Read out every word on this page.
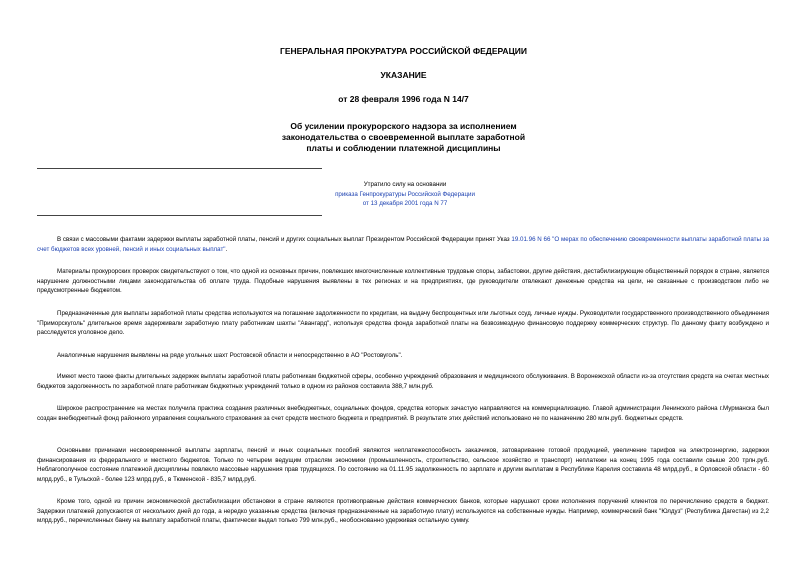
ГЕНЕРАЛЬНАЯ ПРОКУРАТУРА РОССИЙСКОЙ ФЕДЕРАЦИИ
УКАЗАНИЕ
от 28 февраля 1996 года N 14/7
Об усилении прокурорского надзора за исполнением
законодательства о своевременной выплате заработной
платы и соблюдении платежной дисциплины
Утратило силу на основании
приказа Генпрокуратуры Российской Федерации
от 13 декабря 2001 года N 77

В связи с массовыми фактами задержки выплаты заработной платы, пенсий и других социальных выплат Президентом Российской Федерации принят Указ 19.01.96 N 66 "О мерах по обеспечению своевременности выплаты заработной платы за счет бюджетов всех уровней, пенсий и иных социальных выплат".

Материалы прокурорских проверок свидетельствуют о том, что одной из основных причин, повлекших многочисленные коллективные трудовые споры, забастовки, другие действия, дестабилизирующие общественный порядок в стране, является нарушение должностными лицами законодательства об оплате труда. Подобные нарушения выявлены в тех регионах и на предприятиях, где руководители отвлекают денежные средства на цели, не связанные с производством либо не предусмотренные бюджетом.

Предназначенные для выплаты заработной платы средства используются на погашение задолженности по кредитам, на выдачу беспроцентных или льготных ссуд, личные нужды. Руководители государственного производственного объединения "Приморскуголь" длительное время задерживали заработную плату работникам шахты "Авангард", используя средства фонда заработной платы на безвозмездную финансовую поддержку коммерческих структур. По данному факту возбуждено и расследуется уголовное дело.

Аналогичные нарушения выявлены на ряде угольных шахт Ростовской области и непосредственно в АО "Ростовуголь".

Имеют место также факты длительных задержек выплаты заработной платы работникам бюджетной сферы, особенно учреждений образования и медицинского обслуживания. В Воронежской области из-за отсутствия средств на счетах местных бюджетов задолженность по заработной плате работникам бюджетных учреждений только в одном из районов составила 388,7 млн.руб.

Широкое распространение на местах получила практика создания различных внебюджетных, социальных фондов, средства которых зачастую направляются на коммерциализацию. Главой администрации Ленинского района г.Мурманска был создан внебюджетный фонд районного управления социального страхования за счет средств местного бюджета и предприятий. В результате этих действий использовано не по назначению 280 млн.руб. бюджетных средств.

Основными причинами несвоевременной выплаты зарплаты, пенсий и иных социальных пособий являются неплатежеспособность заказчиков, затоваривание готовой продукцией, увеличение тарифов на электроэнергию, задержки финансирования из федерального и местного бюджетов. Только по четырем ведущим отраслям экономики (промышленность, строительство, сельское хозяйство и транспорт) неплатежи на конец 1995 года составили свыше 200 трлн.руб. Неблагополучное состояние платежной дисциплины повлекло массовые нарушения прав трудящихся. По состоянию на 01.11.95 задолженность по зарплате и другим выплатам в Республике Карелия составила 48 млрд.руб., в Орловской области - 60 млрд.руб., в Тульской - более 123 млрд.руб., в Тюменской - 835,7 млрд.руб.

Кроме того, одной из причин экономической дестабилизации обстановки в стране являются противоправные действия коммерческих банков, которые нарушают сроки исполнения поручений клиентов по перечислению средств в бюджет. Задержки платежей допускаются от нескольких дней до года, а нередко указанные средства (включая предназначенные на заработную плату) используются на собственные нужды. Например, коммерческий банк "Юлдуз" (Республика Дагестан) из 2,2 млрд.руб., перечисленных банку на выплату заработной платы, фактически выдал только 799 млн.руб., необоснованно удерживая остальную сумму.
